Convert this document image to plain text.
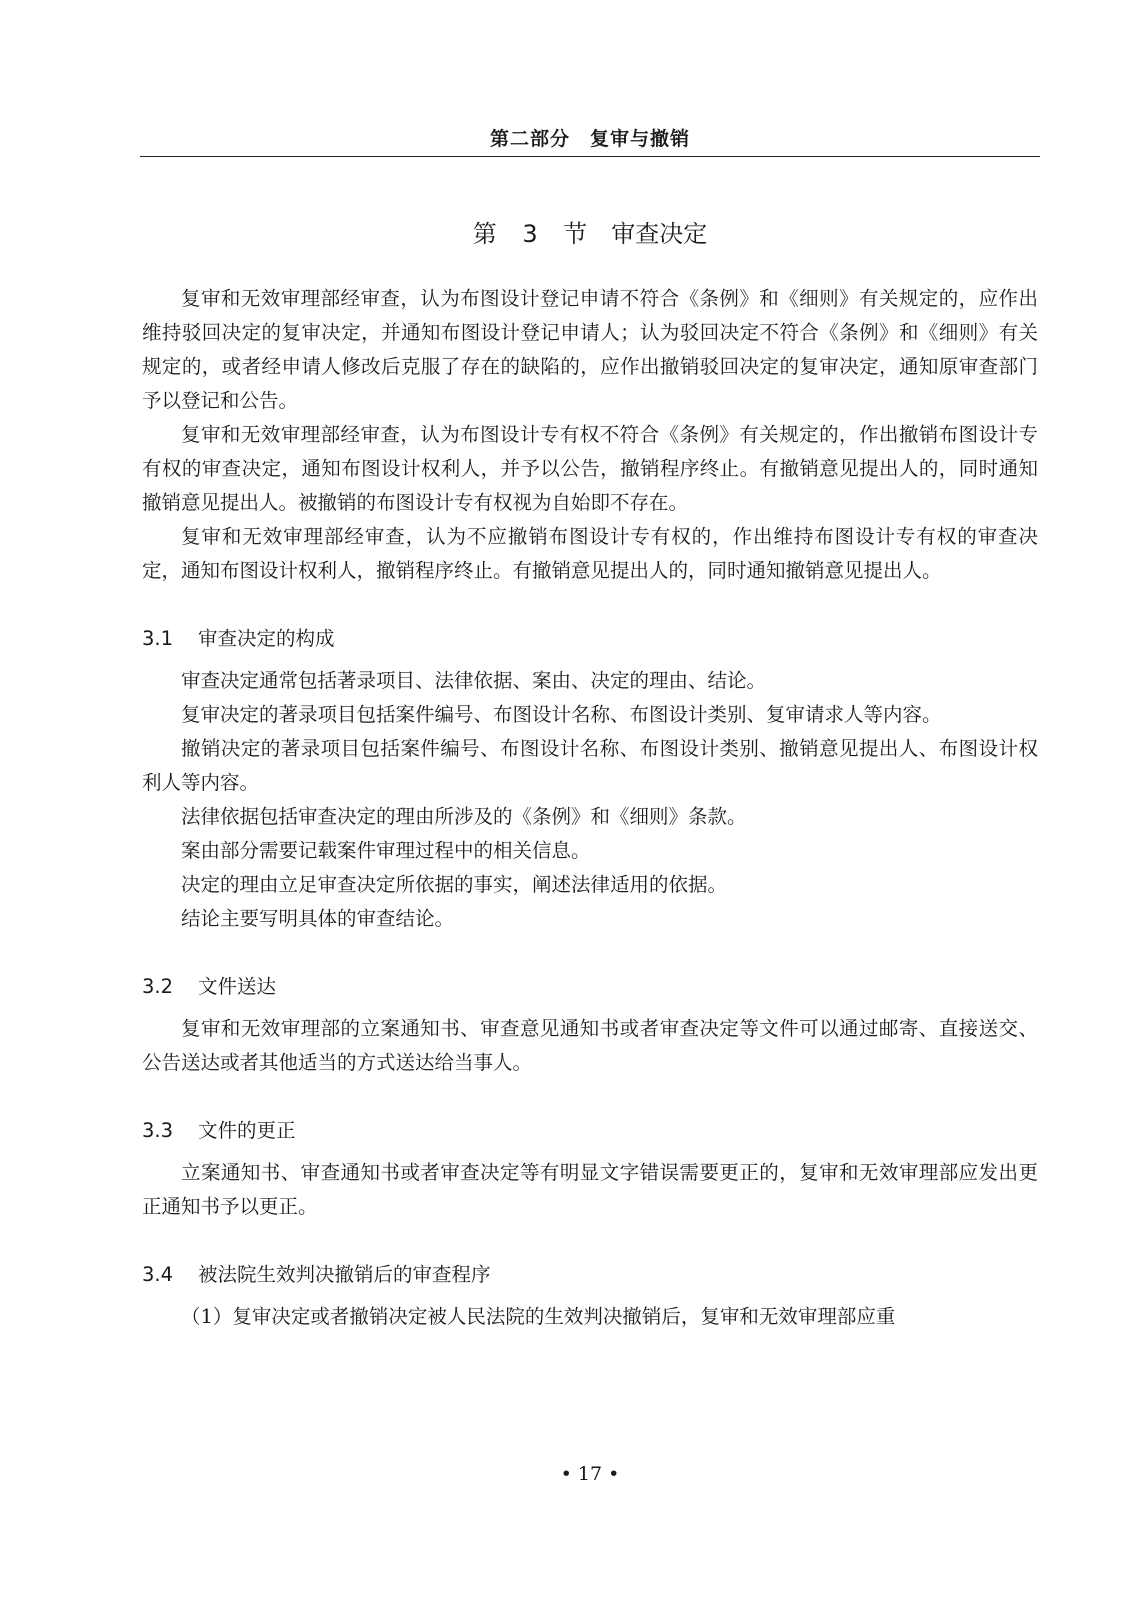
第二部分　复审与撤销
第 3 节　审查决定

复审和无效审理部经审查，认为布图设计登记申请不符合《条例》和《细则》有关规定的，应作出维持驳回决定的复审决定，并通知布图设计登记申请人；认为驳回决定不符合《条例》和《细则》有关规定的，或者经申请人修改后克服了存在的缺陷的，应作出撤销驳回决定的复审决定，通知原审查部门予以登记和公告。

复审和无效审理部经审查，认为布图设计专有权不符合《条例》有关规定的，作出撤销布图设计专有权的审查决定，通知布图设计权利人，并予以公告，撤销程序终止。有撤销意见提出人的，同时通知撤销意见提出人。被撤销的布图设计专有权视为自始即不存在。

复审和无效审理部经审查，认为不应撤销布图设计专有权的，作出维持布图设计专有权的审查决定，通知布图设计权利人，撤销程序终止。有撤销意见提出人的，同时通知撤销意见提出人。

3.1 审查决定的构成

审查决定通常包括著录项目、法律依据、案由、决定的理由、结论。

复审决定的著录项目包括案件编号、布图设计名称、布图设计类别、复审请求人等内容。

撤销决定的著录项目包括案件编号、布图设计名称、布图设计类别、撤销意见提出人、布图设计权利人等内容。

法律依据包括审查决定的理由所涉及的《条例》和《细则》条款。

案由部分需要记载案件审理过程中的相关信息。

决定的理由立足审查决定所依据的事实，阐述法律适用的依据。

结论主要写明具体的审查结论。

3.2 文件送达

复审和无效审理部的立案通知书、审查意见通知书或者审查决定等文件可以通过邮寄、直接送交、公告送达或者其他适当的方式送达给当事人。

3.3 文件的更正

立案通知书、审查通知书或者审查决定等有明显文字错误需要更正的，复审和无效审理部应发出更正通知书予以更正。

3.4 被法院生效判决撤销后的审查程序

（1）复审决定或者撤销决定被人民法院的生效判决撤销后，复审和无效审理部应重

• 17 •
